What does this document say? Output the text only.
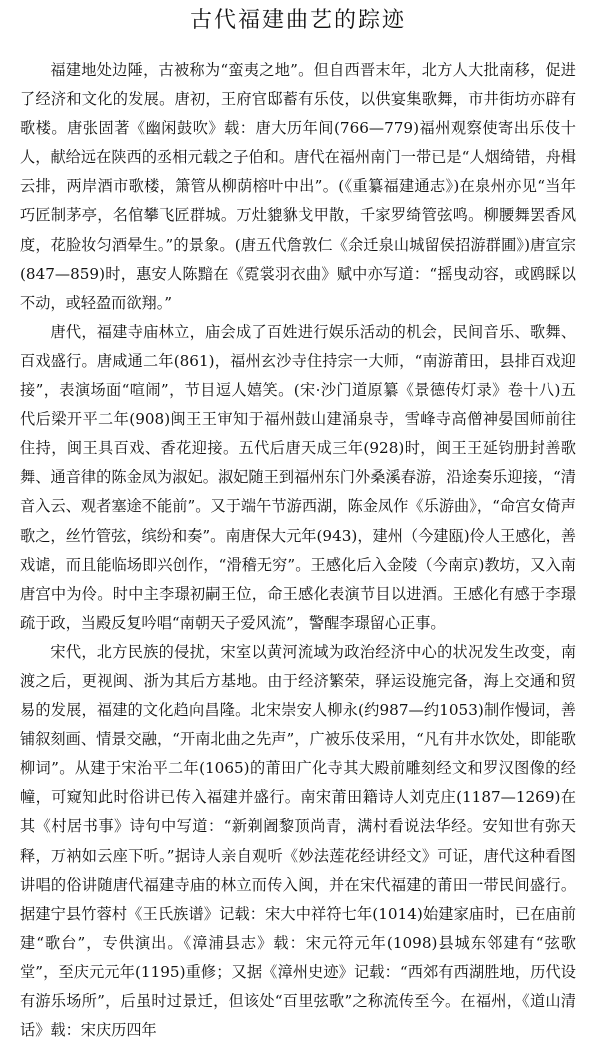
古代福建曲艺的踪迹

福建地处边陲，古被称为“蛮夷之地”。但自西晋末年，北方人大批南移，促进了经济和文化的发展。唐初，王府官邸蓄有乐伎，以供宴集歌舞，市井街坊亦辟有歌楼。唐张固著《幽闲鼓吹》载：唐大历年间(766—779)福州观察使寄出乐伎十人，献给远在陕西的丞相元载之子伯和。唐代在福州南门一带已是“人烟绮错，舟楫云排，两岸酒市歌楼，箫管从柳荫榕叶中出”。(《重纂福建通志》)在泉州亦见“当年巧匠制茅亭，名倌攀飞匠群城。万灶貔貅戈甲散，千家罗绮管弦鸣。柳腰舞罢香风度，花脸妆匀酒晕生。”的景象。(唐五代詹敦仁《余迁泉山城留侯招游群圃》)唐宣宗(847—859)时，惠安人陈黯在《霓裳羽衣曲》赋中亦写道：“摇曳动容，或鸥睬以不动，或轻盈而欲翔。”

唐代，福建寺庙林立，庙会成了百姓进行娱乐活动的机会，民间音乐、歌舞、百戏盛行。唐咸通二年(861)，福州玄沙寺住持宗一大师，“南游莆田，县排百戏迎接”，表演场面“喧闹”，节目逗人嬉笑。(宋·沙门道原纂《景德传灯录》卷十八)五代后梁开平二年(908)闽王王审知于福州鼓山建涌泉寺，雪峰寺高僧神晏国师前往住持，闽王具百戏、香花迎接。五代后唐天成三年(928)时，闽王王延钧册封善歌舞、通音律的陈金凤为淑妃。淑妃随王到福州东门外桑溪春游，沿途奏乐迎接，“清音入云、观者塞途不能前”。又于端午节游西湖，陈金凤作《乐游曲》，“命宫女倚声歌之，丝竹管弦，缤纷和奏”。南唐保大元年(943)，建州（今建瓯)伶人王感化，善戏谑，而且能临场即兴创作，“滑稽无穷”。王感化后入金陵（今南京)教坊，又入南唐宫中为伶。时中主李璟初嗣王位，命王感化表演节目以进酒。王感化有感于李璟疏于政，当殿反复吟唱“南朝天子爱风流”，警醒李璟留心正事。

宋代，北方民族的侵扰，宋室以黄河流域为政治经济中心的状况发生改变，南渡之后，更视闽、浙为其后方基地。由于经济繁荣，驿运设施完备，海上交通和贸易的发展，福建的文化趋向昌隆。北宋崇安人柳永(约987—约1053)制作慢词，善铺叙刻画、情景交融，“开南北曲之先声”，广被乐伎采用，“凡有井水饮处，即能歌柳词”。从建于宋治平二年(1065)的莆田广化寺其大殿前雕刻经文和罗汉图像的经幢，可窥知此时俗讲已传入福建并盛行。南宋莆田籍诗人刘克庄(1187—1269)在其《村居书事》诗句中写道：“新剃阇黎顶尚青，满村看说法华经。安知世有弥天释，万衲如云座下听。”据诗人亲自观听《妙法莲花经讲经文》可证，唐代这种看图讲唱的俗讲随唐代福建寺庙的林立而传入闽，并在宋代福建的莆田一带民间盛行。据建宁县竹蓉村《王氏族谱》记载：宋大中祥符七年(1014)始建家庙时，已在庙前建“歌台”，专供演出。《漳浦县志》载：宋元符元年(1098)县城东邻建有“弦歌堂”，至庆元元年(1195)重修；又据《漳州史迹》记载：“西郊有西湖胜地，历代设有游乐场所”，后虽时过景迁，但该处“百里弦歌”之称流传至今。在福州，《道山清话》载：宋庆历四年
